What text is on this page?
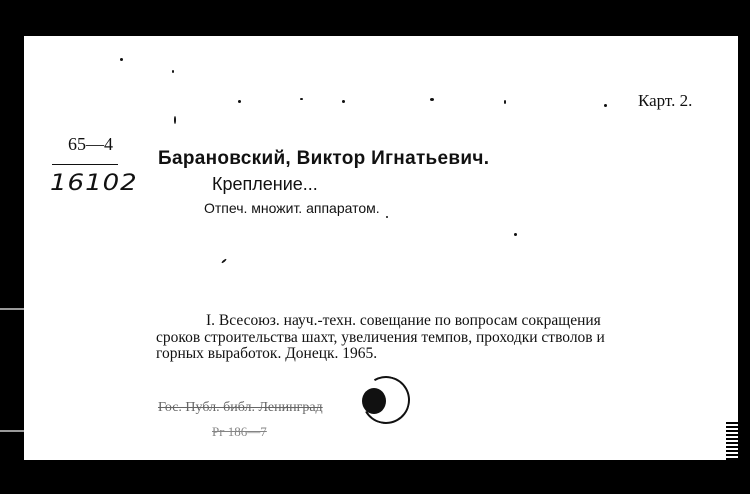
Карт. 2.
65—4
16102
Барановский, Виктор Игнатьевич.
Крепление...
Отпеч. множит. аппаратом.

I. Всесоюз. науч.-техн. совещание по вопросам сокращения

сроков строительства шахт, увеличения темпов, проходки стволов и

горных выработок. Донецк. 1965.

Гос. Публ. библ. Ленинград
Рг 186—7
